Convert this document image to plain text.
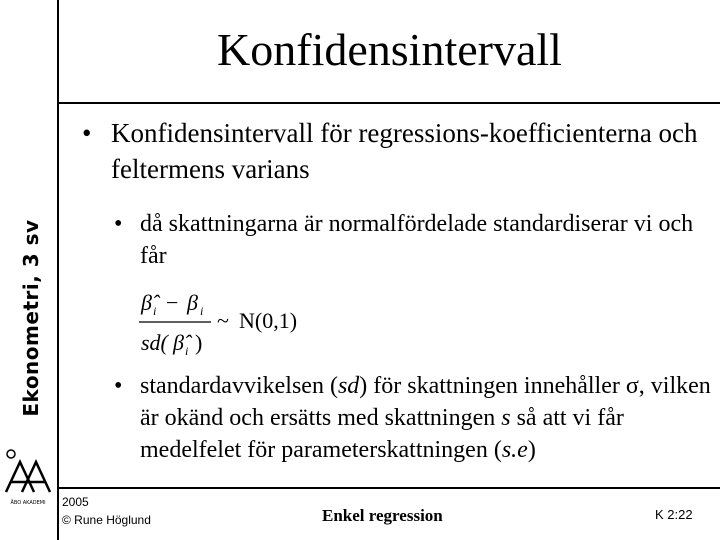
Ekonometri, 3 sv
ÅBO AKADEMI
Konfidensintervall
• Konfidensintervall för regressions-koefficienterna och feltermens varians
• då skattningarna är normalfördelade standardiserar vi och får
β̂ i − β i
sd( β̂ i )
~ N(0,1)
• standardavvikelsen (sd) för skattningen innehåller σ, vilken är okänd och ersätts med skattningen s så att vi får medelfelet för parameterskattningen (s.e)
2005
© Rune Höglund	Enkel regression	K 2:22
